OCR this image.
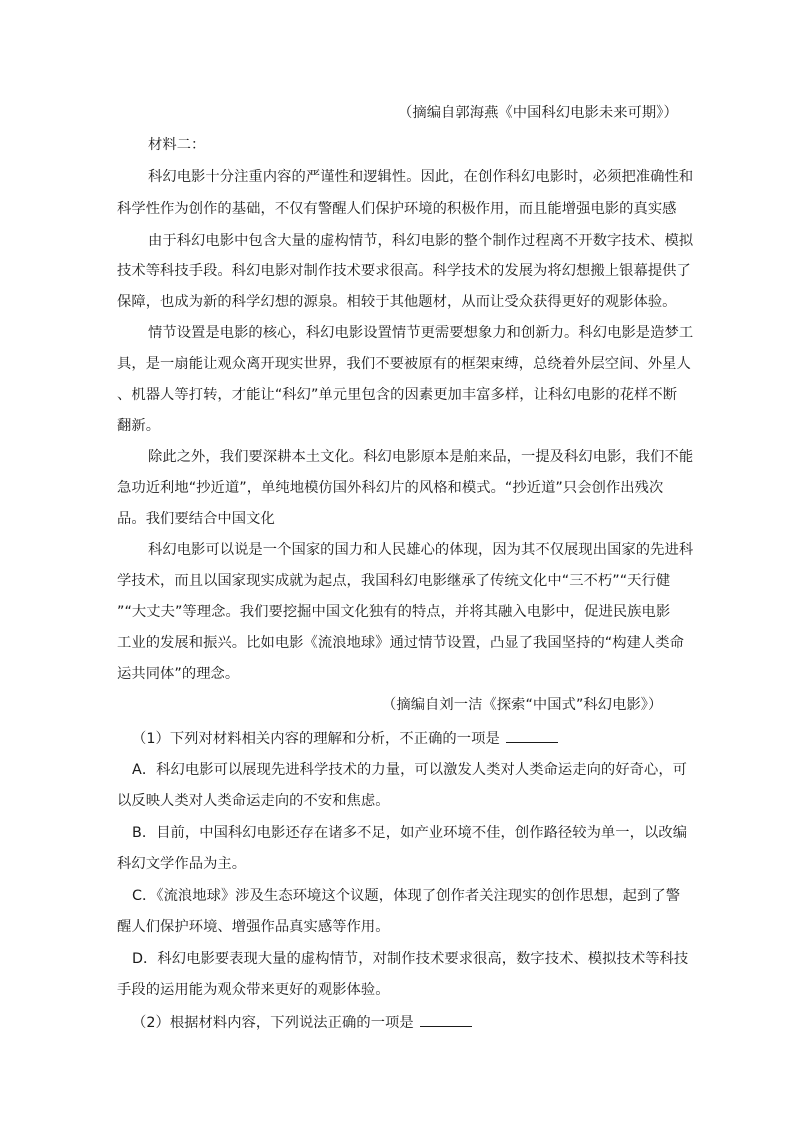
（摘编自郭海燕《中国科幻电影未来可期》）
材料二：
科幻电影十分注重内容的严谨性和逻辑性。因此，在创作科幻电影时，必须把准确性和
科学性作为创作的基础，不仅有警醒人们保护环境的积极作用，而且能增强电影的真实感
由于科幻电影中包含大量的虚构情节，科幻电影的整个制作过程离不开数字技术、模拟
技术等科技手段。科幻电影对制作技术要求很高。科学技术的发展为将幻想搬上银幕提供了
保障，也成为新的科学幻想的源泉。相较于其他题材，从而让受众获得更好的观影体验。
情节设置是电影的核心，科幻电影设置情节更需要想象力和创新力。科幻电影是造梦工
具，是一扇能让观众离开现实世界，我们不要被原有的框架束缚，总绕着外层空间、外星人
、机器人等打转，才能让“科幻”单元里包含的因素更加丰富多样，让科幻电影的花样不断
翻新。
除此之外，我们要深耕本土文化。科幻电影原本是舶来品，一提及科幻电影，我们不能
急功近利地“抄近道”，单纯地模仿国外科幻片的风格和模式。“抄近道”只会创作出残次
品。我们要结合中国文化
科幻电影可以说是一个国家的国力和人民雄心的体现，因为其不仅展现出国家的先进科
学技术，而且以国家现实成就为起点，我国科幻电影继承了传统文化中“三不朽”“天行健
”“大丈夫”等理念。我们要挖掘中国文化独有的特点，并将其融入电影中，促进民族电影
工业的发展和振兴。比如电影《流浪地球》通过情节设置，凸显了我国坚持的“构建人类命
运共同体”的理念。
（摘编自刘一洁《探索“中国式”科幻电影》）
（1）下列对材料相关内容的理解和分析，不正确的一项是
A．科幻电影可以展现先进科学技术的力量，可以激发人类对人类命运走向的好奇心，可
以反映人类对人类命运走向的不安和焦虑。
B．目前，中国科幻电影还存在诸多不足，如产业环境不佳，创作路径较为单一，以改编
科幻文学作品为主。
C．《流浪地球》涉及生态环境这个议题，体现了创作者关注现实的创作思想，起到了警
醒人们保护环境、增强作品真实感等作用。
D．科幻电影要表现大量的虚构情节，对制作技术要求很高，数字技术、模拟技术等科技
手段的运用能为观众带来更好的观影体验。
（2）根据材料内容，下列说法正确的一项是
